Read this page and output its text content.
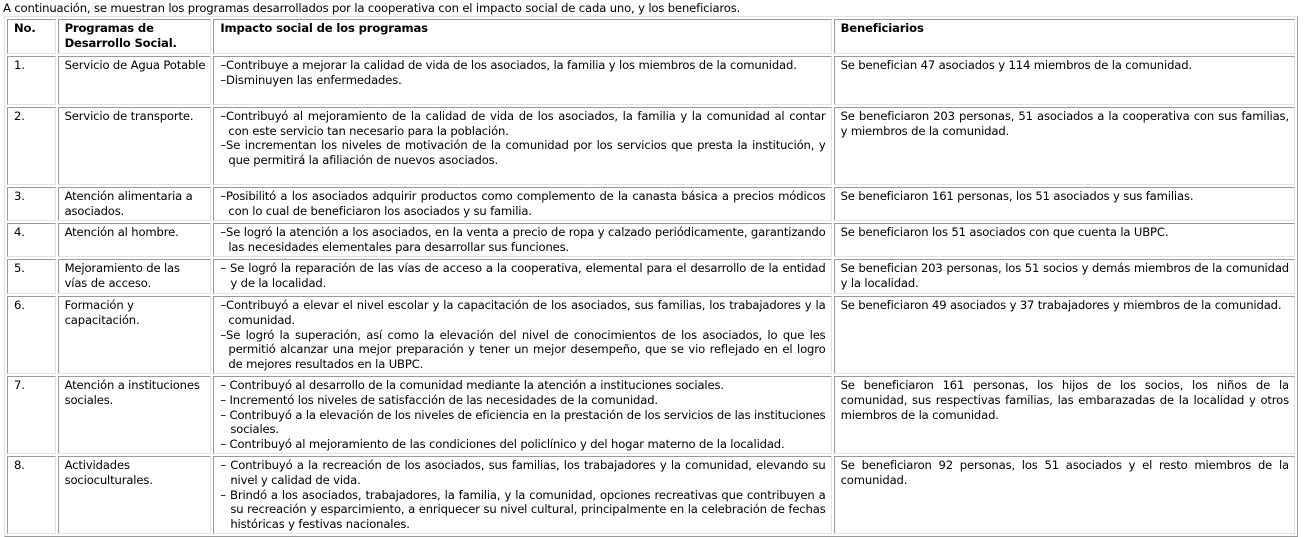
A continuación, se muestran los programas desarrollados por la cooperativa con el impacto social de cada uno, y los beneficiaros.
No.	Programas de Desarrollo Social.	Impacto social de los programas	Beneficiarios
1.	Servicio de Agua Potable	–Contribuye a mejorar la calidad de vida de los asociados, la familia y los miembros de la comunidad.
–Disminuyen las enfermedades.	Se benefician 47 asociados y 114 miembros de la comunidad.

2.	Servicio de transporte.	–Contribuyó al mejoramiento de la calidad de vida de los asociados, la familia y la comunidad al contar con este servicio tan necesario para la población.
–Se incrementan los niveles de motivación de la comunidad por los servicios que presta la institución, y que permitirá la afiliación de nuevos asociados.	Se beneficiaron 203 personas, 51 asociados a la cooperativa con sus familias, y miembros de la comunidad.

3.	Atención alimentaria a asociados.	–Posibilitó a los asociados adquirir productos como complemento de la canasta básica a precios módicos con lo cual de beneficiaron los asociados y su familia.	Se beneficiaron 161 personas, los 51 asociados y sus familias.

4.	Atención al hombre.	–Se logró la atención a los asociados, en la venta a precio de ropa y calzado periódicamente, garantizando las necesidades elementales para desarrollar sus funciones.	Se beneficiaron los 51 asociados con que cuenta la UBPC.

5.	Mejoramiento de las vías de acceso.	– Se logró la reparación de las vías de acceso a la cooperativa, elemental para el desarrollo de la entidad y de la localidad.	Se benefician 203 personas, los 51 socios y demás miembros de la comunidad y la localidad.

6.	Formación y capacitación.	–Contribuyó a elevar el nivel escolar y la capacitación de los asociados, sus familias, los trabajadores y la comunidad.
–Se logró la superación, así como la elevación del nivel de conocimientos de los asociados, lo que les permitió alcanzar una mejor preparación y tener un mejor desempeño, que se vio reflejado en el logro de mejores resultados en la UBPC.	Se beneficiaron 49 asociados y 37 trabajadores y miembros de la comunidad.

7.	Atención a instituciones sociales.	– Contribuyó al desarrollo de la comunidad mediante la atención a instituciones sociales.
– Incrementó los niveles de satisfacción de las necesidades de la comunidad.
– Contribuyó a la elevación de los niveles de eficiencia en la prestación de los servicios de las instituciones sociales.
– Contribuyó al mejoramiento de las condiciones del policlínico y del hogar materno de la localidad.	Se beneficiaron 161 personas, los hijos de los socios, los niños de la comunidad, sus respectivas familias, las embarazadas de la localidad y otros miembros de la comunidad.

8.	Actividades socioculturales.	– Contribuyó a la recreación de los asociados, sus familias, los trabajadores y la comunidad, elevando su nivel y calidad de vida.
– Brindó a los asociados, trabajadores, la familia, y la comunidad, opciones recreativas que contribuyen a su recreación y esparcimiento, a enriquecer su nivel cultural, principalmente en la celebración de fechas históricas y festivas nacionales.	Se beneficiaron 92 personas, los 51 asociados y el resto miembros de la comunidad.
